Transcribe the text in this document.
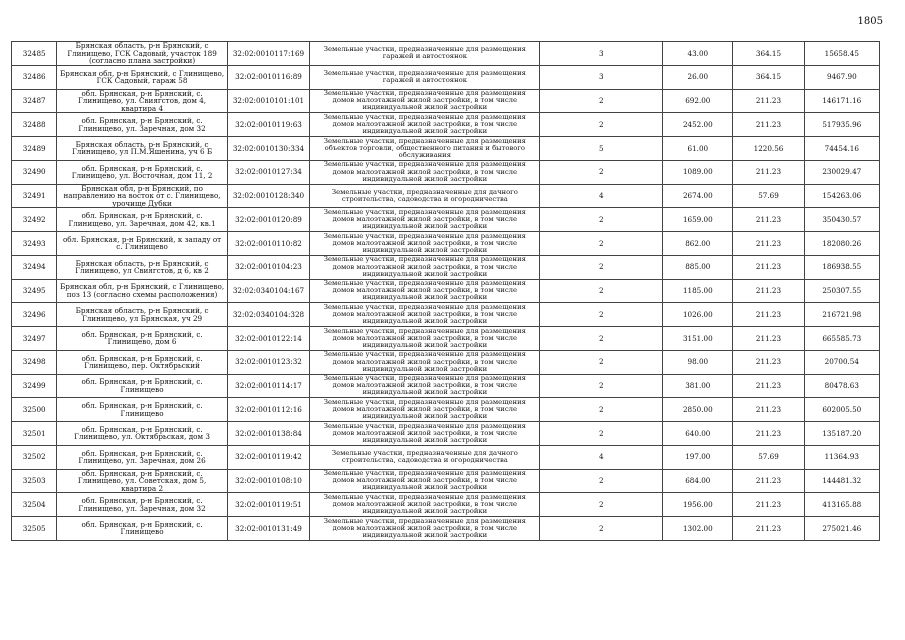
1805
32485	Брянская область, р-н Брянский, с Глинищево, ГСК Садовый, участок 189 (согласно плана застройки)	32:02:0010117:169	Земельные участки, предназначенные для размещения гаражей и автостоянок	3	43.00	364.15	15658.45
32486	Брянская обл, р-н Брянский, с Глинищево, ГСК Садовый, гараж 58	32:02:0010116:89	Земельные участки, предназначенные для размещения гаражей и автостоянок	3	26.00	364.15	9467.90
32487	обл. Брянская, р-н Брянский, с. Глинищево, ул. Свиягстов, дом 4, квартира 4	32:02:0010101:101	Земельные участки, предназначенные для размещения домов малоэтажной жилой застройки, в том числе индивидуальной жилой застройки	2	692.00	211.23	146171.16
32488	обл. Брянская, р-н Брянский, с. Глинищево, ул. Заречная, дом 32	32:02:0010119:63	Земельные участки, предназначенные для размещения домов малоэтажной жилой застройки, в том числе индивидуальной жилой застройки	2	2452.00	211.23	517935.96
32489	Брянская область, р-н Брянский, с Глинищево, ул П.М.Яшенина, уч 6 Б	32:02:0010130:334	Земельные участки, предназначенные для размещения объектов торговли, общественного питания и бытового обслуживания	5	61.00	1220.56	74454.16
32490	обл. Брянская, р-н Брянский, с. Глинищево, ул. Восточная, дом 11, 2	32:02:0010127:34	Земельные участки, предназначенные для размещения домов малоэтажной жилой застройки, в том числе индивидуальной жилой застройки	2	1089.00	211.23	230029.47
32491	Брянская обл, р-н Брянский, по направлению на восток от с. Глинищево, урочище Дубки	32:02:0010128:340	Земельные участки, предназначенные для дачного строительства, садоводства и огородничества	4	2674.00	57.69	154263.06
32492	обл. Брянская, р-н Брянский, с. Глинищево, ул. Заречная, дом 42, кв.1	32:02:0010120:89	Земельные участки, предназначенные для размещения домов малоэтажной жилой застройки, в том числе индивидуальной жилой застройки	2	1659.00	211.23	350430.57
32493	обл. Брянская, р-н Брянский, к западу от с. Глинищево	32:02:0010110:82	Земельные участки, предназначенные для размещения домов малоэтажной жилой застройки, в том числе индивидуальной жилой застройки	2	862.00	211.23	182080.26
32494	Брянская область, р-н Брянский, с Глинищево, ул Свиягстов, д 6, кв 2	32:02:0010104:23	Земельные участки, предназначенные для размещения домов малоэтажной жилой застройки, в том числе индивидуальной жилой застройки	2	885.00	211.23	186938.55
32495	Брянская обл, р-н Брянский, с Глинищево, поз 13 (согласно схемы расположения)	32:02:0340104:167	Земельные участки, предназначенные для размещения домов малоэтажной жилой застройки, в том числе индивидуальной жилой застройки	2	1185.00	211.23	250307.55
32496	Брянская область, р-н Брянский, с Глинищево, ул Брянская, уч 29	32:02:0340104:328	Земельные участки, предназначенные для размещения домов малоэтажной жилой застройки, в том числе индивидуальной жилой застройки	2	1026.00	211.23	216721.98
32497	обл. Брянская, р-н Брянский, с. Глинищево, дом 6	32:02:0010122:14	Земельные участки, предназначенные для размещения домов малоэтажной жилой застройки, в том числе индивидуальной жилой застройки	2	3151.00	211.23	665585.73
32498	обл. Брянская, р-н Брянский, с. Глинищево, пер. Октябрьский	32:02:0010123:32	Земельные участки, предназначенные для размещения домов малоэтажной жилой застройки, в том числе индивидуальной жилой застройки	2	98.00	211.23	20700.54
32499	обл. Брянская, р-н Брянский, с. Глинищево	32:02:0010114:17	Земельные участки, предназначенные для размещения домов малоэтажной жилой застройки, в том числе индивидуальной жилой застройки	2	381.00	211.23	80478.63
32500	обл. Брянская, р-н Брянский, с. Глинищево	32:02:0010112:16	Земельные участки, предназначенные для размещения домов малоэтажной жилой застройки, в том числе индивидуальной жилой застройки	2	2850.00	211.23	602005.50
32501	обл. Брянская, р-н Брянский, с. Глинищево, ул. Октябрьская, дом 3	32:02:0010138:84	Земельные участки, предназначенные для размещения домов малоэтажной жилой застройки, в том числе индивидуальной жилой застройки	2	640.00	211.23	135187.20
32502	обл. Брянская, р-н Брянский, с. Глинищево, ул. Заречная, дом 26	32:02:0010119:42	Земельные участки, предназначенные для дачного строительства, садоводства и огородничества	4	197.00	57.69	11364.93
32503	обл. Брянская, р-н Брянский, с. Глинищево, ул. Советская, дом 5, квартира 2	32:02:0010108:10	Земельные участки, предназначенные для размещения домов малоэтажной жилой застройки, в том числе индивидуальной жилой застройки	2	684.00	211.23	144481.32
32504	обл. Брянская, р-н Брянский, с. Глинищево, ул. Заречная, дом 32	32:02:0010119:51	Земельные участки, предназначенные для размещения домов малоэтажной жилой застройки, в том числе индивидуальной жилой застройки	2	1956.00	211.23	413165.88
32505	обл. Брянская, р-н Брянский, с. Глинищево	32:02:0010131:49	Земельные участки, предназначенные для размещения домов малоэтажной жилой застройки, в том числе индивидуальной жилой застройки	2	1302.00	211.23	275021.46
